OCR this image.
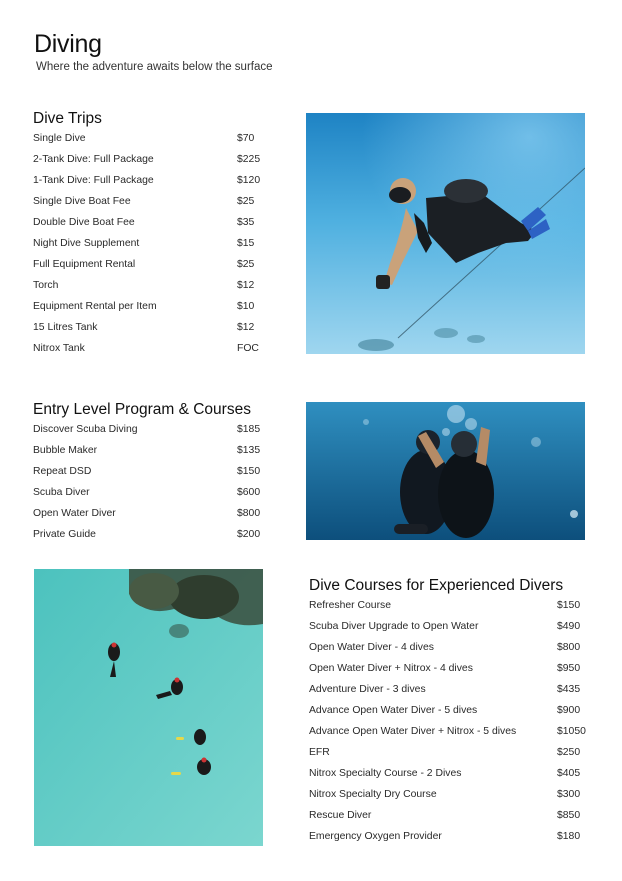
Diving
Where the adventure awaits below the surface
Dive Trips
Single Dive	$70
2-Tank Dive: Full Package	$225
1-Tank Dive: Full Package	$120
Single Dive Boat Fee	$25
Double Dive Boat Fee	$35
Night Dive Supplement	$15
Full Equipment Rental	$25
Torch	$12
Equipment Rental per Item	$10
15 Litres Tank	$12
Nitrox Tank	FOC
Entry Level Program & Courses
Discover Scuba Diving	$185
Bubble Maker	$135
Repeat DSD	$150
Scuba Diver	$600
Open Water Diver	$800
Private Guide	$200
Dive Courses for Experienced Divers
Refresher Course	$150
Scuba Diver Upgrade to Open Water	$490
Open Water Diver - 4 dives	$800
Open Water Diver + Nitrox - 4 dives	$950
Adventure Diver - 3 dives	$435
Advance Open Water Diver - 5 dives	$900
Advance Open Water Diver + Nitrox - 5 dives	$1050
EFR	$250
Nitrox Specialty Course - 2 Dives	$405
Nitrox Specialty Dry Course	$300
Rescue Diver	$850
Emergency Oxygen Provider	$180
